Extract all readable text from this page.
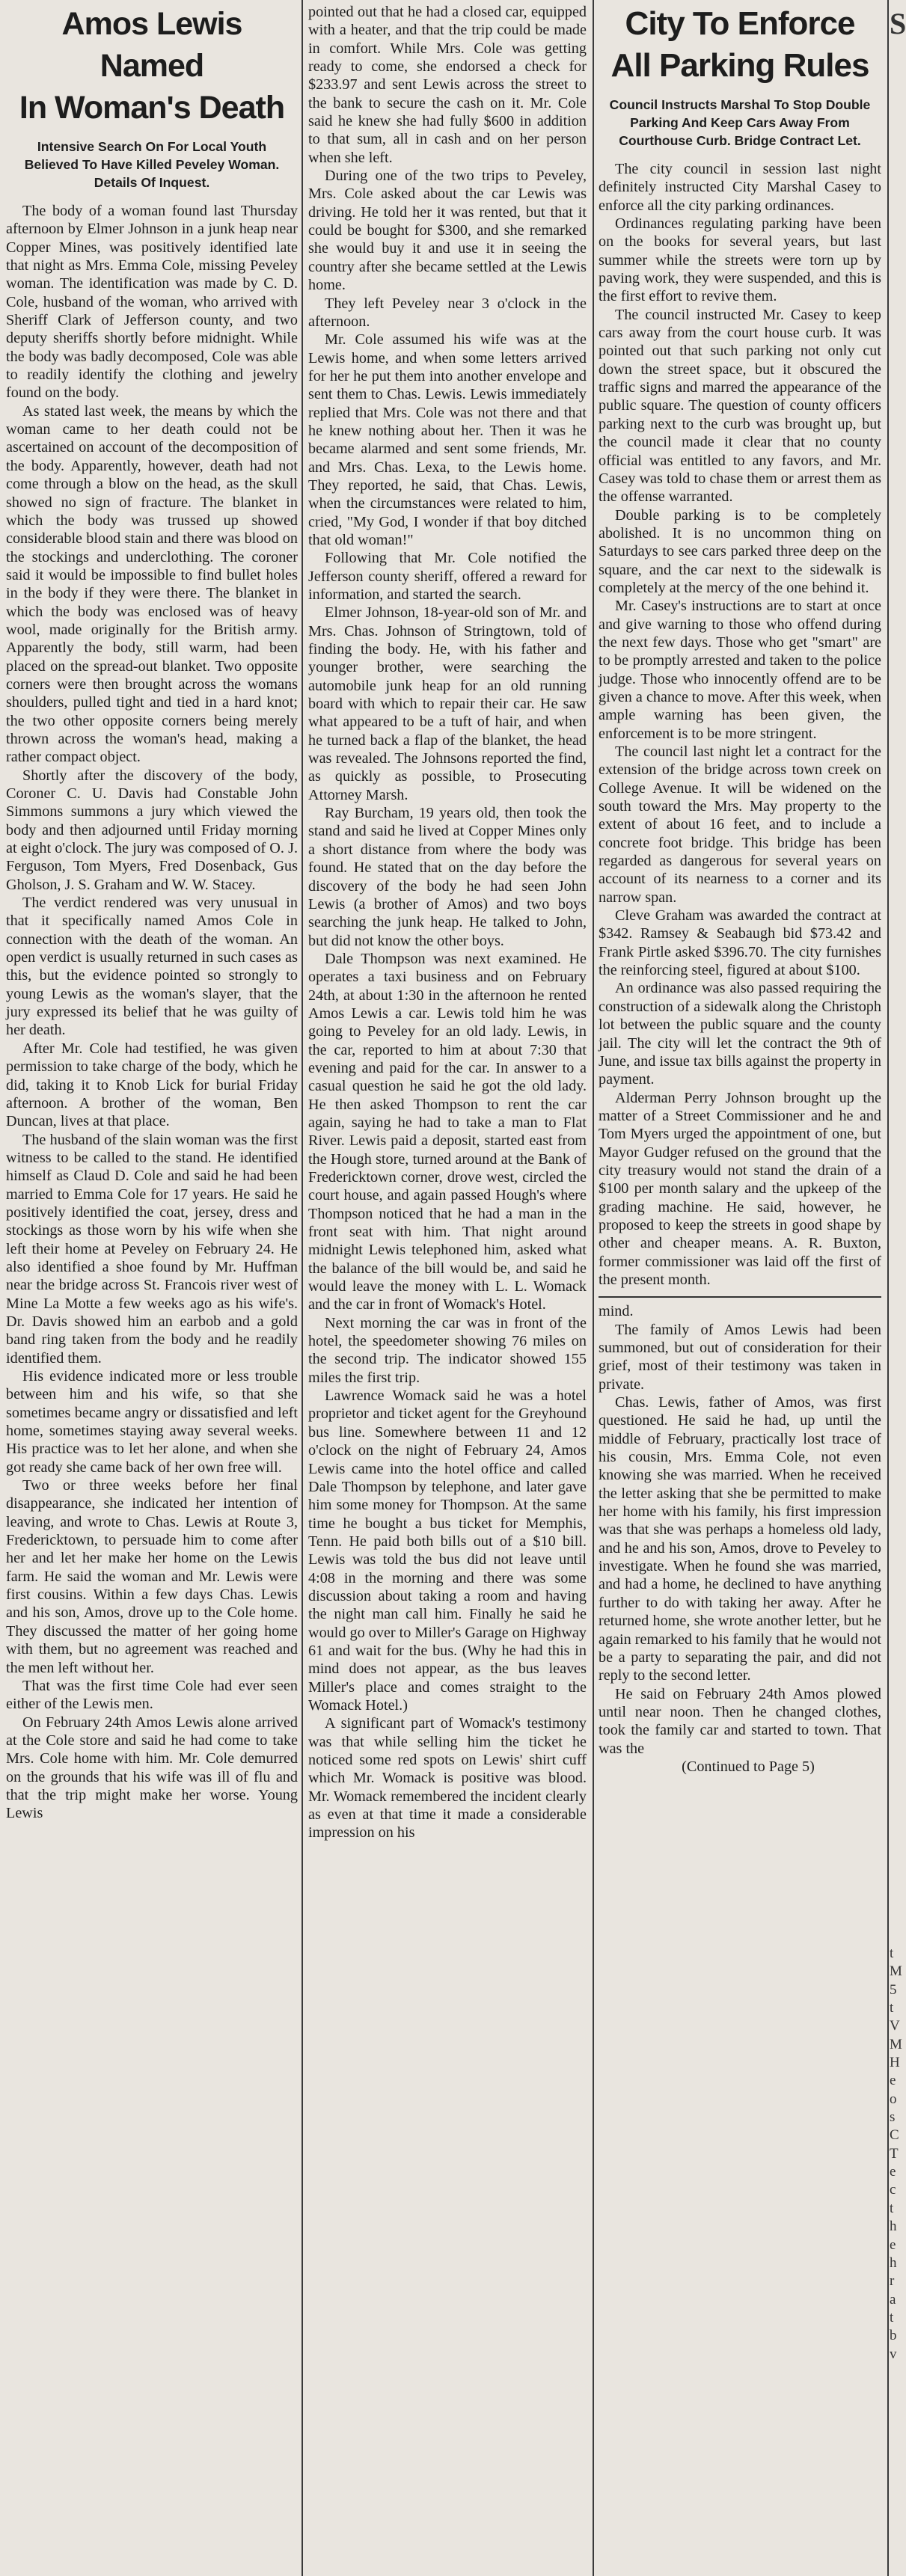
Amos Lewis Named
In Woman's Death
Intensive Search On For Local Youth Believed To Have Killed Peveley Woman. Details Of Inquest.

The body of a woman found last Thursday afternoon by Elmer Johnson in a junk heap near Copper Mines, was positively identified late that night as Mrs. Emma Cole, missing Peveley woman. The identification was made by C. D. Cole, husband of the woman, who arrived with Sheriff Clark of Jefferson county, and two deputy sheriffs shortly before midnight. While the body was badly decomposed, Cole was able to readily identify the clothing and jewelry found on the body.

As stated last week, the means by which the woman came to her death could not be ascertained on account of the decomposition of the body. Apparently, however, death had not come through a blow on the head, as the skull showed no sign of fracture. The blanket in which the body was trussed up showed considerable blood stain and there was blood on the stockings and underclothing. The coroner said it would be impossible to find bullet holes in the body if they were there. The blanket in which the body was enclosed was of heavy wool, made originally for the British army. Apparently the body, still warm, had been placed on the spread-out blanket. Two opposite corners were then brought across the womans shoulders, pulled tight and tied in a hard knot; the two other opposite corners being merely thrown across the woman's head, making a rather compact object.

Shortly after the discovery of the body, Coroner C. U. Davis had Constable John Simmons summons a jury which viewed the body and then adjourned until Friday morning at eight o'clock. The jury was composed of O. J. Ferguson, Tom Myers, Fred Dosenback, Gus Gholson, J. S. Graham and W. W. Stacey.

The verdict rendered was very unusual in that it specifically named Amos Cole in connection with the death of the woman. An open verdict is usually returned in such cases as this, but the evidence pointed so strongly to young Lewis as the woman's slayer, that the jury expressed its belief that he was guilty of her death.

After Mr. Cole had testified, he was given permission to take charge of the body, which he did, taking it to Knob Lick for burial Friday afternoon. A brother of the woman, Ben Duncan, lives at that place.

The husband of the slain woman was the first witness to be called to the stand. He identified himself as Claud D. Cole and said he had been married to Emma Cole for 17 years. He said he positively identified the coat, jersey, dress and stockings as those worn by his wife when she left their home at Peveley on February 24. He also identified a shoe found by Mr. Huffman near the bridge across St. Francois river west of Mine La Motte a few weeks ago as his wife's. Dr. Davis showed him an earbob and a gold band ring taken from the body and he readily identified them.

His evidence indicated more or less trouble between him and his wife, so that she sometimes became angry or dissatisfied and left home, sometimes staying away several weeks. His practice was to let her alone, and when she got ready she came back of her own free will.

Two or three weeks before her final disappearance, she indicated her intention of leaving, and wrote to Chas. Lewis at Route 3, Fredericktown, to persuade him to come after her and let her make her home on the Lewis farm. He said the woman and Mr. Lewis were first cousins. Within a few days Chas. Lewis and his son, Amos, drove up to the Cole home. They discussed the matter of her going home with them, but no agreement was reached and the men left without her.

That was the first time Cole had ever seen either of the Lewis men.

On February 24th Amos Lewis alone arrived at the Cole store and said he had come to take Mrs. Cole home with him. Mr. Cole demurred on the grounds that his wife was ill of flu and that the trip might make her worse. Young Lewis

pointed out that he had a closed car, equipped with a heater, and that the trip could be made in comfort. While Mrs. Cole was getting ready to come, she endorsed a check for $233.97 and sent Lewis across the street to the bank to secure the cash on it. Mr. Cole said he knew she had fully $600 in addition to that sum, all in cash and on her person when she left.

During one of the two trips to Peveley, Mrs. Cole asked about the car Lewis was driving. He told her it was rented, but that it could be bought for $300, and she remarked she would buy it and use it in seeing the country after she became settled at the Lewis home.

They left Peveley near 3 o'clock in the afternoon.

Mr. Cole assumed his wife was at the Lewis home, and when some letters arrived for her he put them into another envelope and sent them to Chas. Lewis. Lewis immediately replied that Mrs. Cole was not there and that he knew nothing about her. Then it was he became alarmed and sent some friends, Mr. and Mrs. Chas. Lexa, to the Lewis home. They reported, he said, that Chas. Lewis, when the circumstances were related to him, cried, "My God, I wonder if that boy ditched that old woman!"

Following that Mr. Cole notified the Jefferson county sheriff, offered a reward for information, and started the search.

Elmer Johnson, 18-year-old son of Mr. and Mrs. Chas. Johnson of Stringtown, told of finding the body. He, with his father and younger brother, were searching the automobile junk heap for an old running board with which to repair their car. He saw what appeared to be a tuft of hair, and when he turned back a flap of the blanket, the head was revealed. The Johnsons reported the find, as quickly as possible, to Prosecuting Attorney Marsh.

Ray Burcham, 19 years old, then took the stand and said he lived at Copper Mines only a short distance from where the body was found. He stated that on the day before the discovery of the body he had seen John Lewis (a brother of Amos) and two boys searching the junk heap. He talked to John, but did not know the other boys.

Dale Thompson was next examined. He operates a taxi business and on February 24th, at about 1:30 in the afternoon he rented Amos Lewis a car. Lewis told him he was going to Peveley for an old lady. Lewis, in the car, reported to him at about 7:30 that evening and paid for the car. In answer to a casual question he said he got the old lady. He then asked Thompson to rent the car again, saying he had to take a man to Flat River. Lewis paid a deposit, started east from the Hough store, turned around at the Bank of Fredericktown corner, drove west, circled the court house, and again passed Hough's where Thompson noticed that he had a man in the front seat with him. That night around midnight Lewis telephoned him, asked what the balance of the bill would be, and said he would leave the money with L. L. Womack and the car in front of Womack's Hotel.

Next morning the car was in front of the hotel, the speedometer showing 76 miles on the second trip. The indicator showed 155 miles the first trip.

Lawrence Womack said he was a hotel proprietor and ticket agent for the Greyhound bus line. Somewhere between 11 and 12 o'clock on the night of February 24, Amos Lewis came into the hotel office and called Dale Thompson by telephone, and later gave him some money for Thompson. At the same time he bought a bus ticket for Memphis, Tenn. He paid both bills out of a $10 bill. Lewis was told the bus did not leave until 4:08 in the morning and there was some discussion about taking a room and having the night man call him. Finally he said he would go over to Miller's Garage on Highway 61 and wait for the bus. (Why he had this in mind does not appear, as the bus leaves Miller's place and comes straight to the Womack Hotel.)

A significant part of Womack's testimony was that while selling him the ticket he noticed some red spots on Lewis' shirt cuff which Mr. Womack is positive was blood. Mr. Womack remembered the incident clearly as even at that time it made a considerable impression on his

City To Enforce
All Parking Rules
Council Instructs Marshal To Stop Double Parking And Keep Cars Away From Courthouse Curb. Bridge Contract Let.

The city council in session last night definitely instructed City Marshal Casey to enforce all the city parking ordinances.

Ordinances regulating parking have been on the books for several years, but last summer while the streets were torn up by paving work, they were suspended, and this is the first effort to revive them.

The council instructed Mr. Casey to keep cars away from the court house curb. It was pointed out that such parking not only cut down the street space, but it obscured the traffic signs and marred the appearance of the public square. The question of county officers parking next to the curb was brought up, but the council made it clear that no county official was entitled to any favors, and Mr. Casey was told to chase them or arrest them as the offense warranted.

Double parking is to be completely abolished. It is no uncommon thing on Saturdays to see cars parked three deep on the square, and the car next to the sidewalk is completely at the mercy of the one behind it.

Mr. Casey's instructions are to start at once and give warning to those who offend during the next few days. Those who get "smart" are to be promptly arrested and taken to the police judge. Those who innocently offend are to be given a chance to move. After this week, when ample warning has been given, the enforcement is to be more stringent.

The council last night let a contract for the extension of the bridge across town creek on College Avenue. It will be widened on the south toward the Mrs. May property to the extent of about 16 feet, and to include a concrete foot bridge. This bridge has been regarded as dangerous for several years on account of its nearness to a corner and its narrow span.

Cleve Graham was awarded the contract at $342. Ramsey & Seabaugh bid $73.42 and Frank Pirtle asked $396.70. The city furnishes the reinforcing steel, figured at about $100.

An ordinance was also passed requiring the construction of a sidewalk along the Christoph lot between the public square and the county jail. The city will let the contract the 9th of June, and issue tax bills against the property in payment.

Alderman Perry Johnson brought up the matter of a Street Commissioner and he and Tom Myers urged the appointment of one, but Mayor Gudger refused on the ground that the city treasury would not stand the drain of a $100 per month salary and the upkeep of the grading machine. He said, however, he proposed to keep the streets in good shape by other and cheaper means. A. R. Buxton, former commissioner was laid off the first of the present month.

mind.

The family of Amos Lewis had been summoned, but out of consideration for their grief, most of their testimony was taken in private.

Chas. Lewis, father of Amos, was first questioned. He said he had, up until the middle of February, practically lost trace of his cousin, Mrs. Emma Cole, not even knowing she was married. When he received the letter asking that she be permitted to make her home with his family, his first impression was that she was perhaps a homeless old lady, and he and his son, Amos, drove to Peveley to investigate. When he found she was married, and had a home, he declined to have anything further to do with taking her away. After he returned home, she wrote another letter, but he again remarked to his family that he would not be a party to separating the pair, and did not reply to the second letter.

He said on February 24th Amos plowed until near noon. Then he changed clothes, took the family car and started to town. That was the

(Continued to Page 5)

S

t

M

5

t

V

M

H

e

o

s

C

T

e

c

t

h

e

h

r

a

t

b

v
